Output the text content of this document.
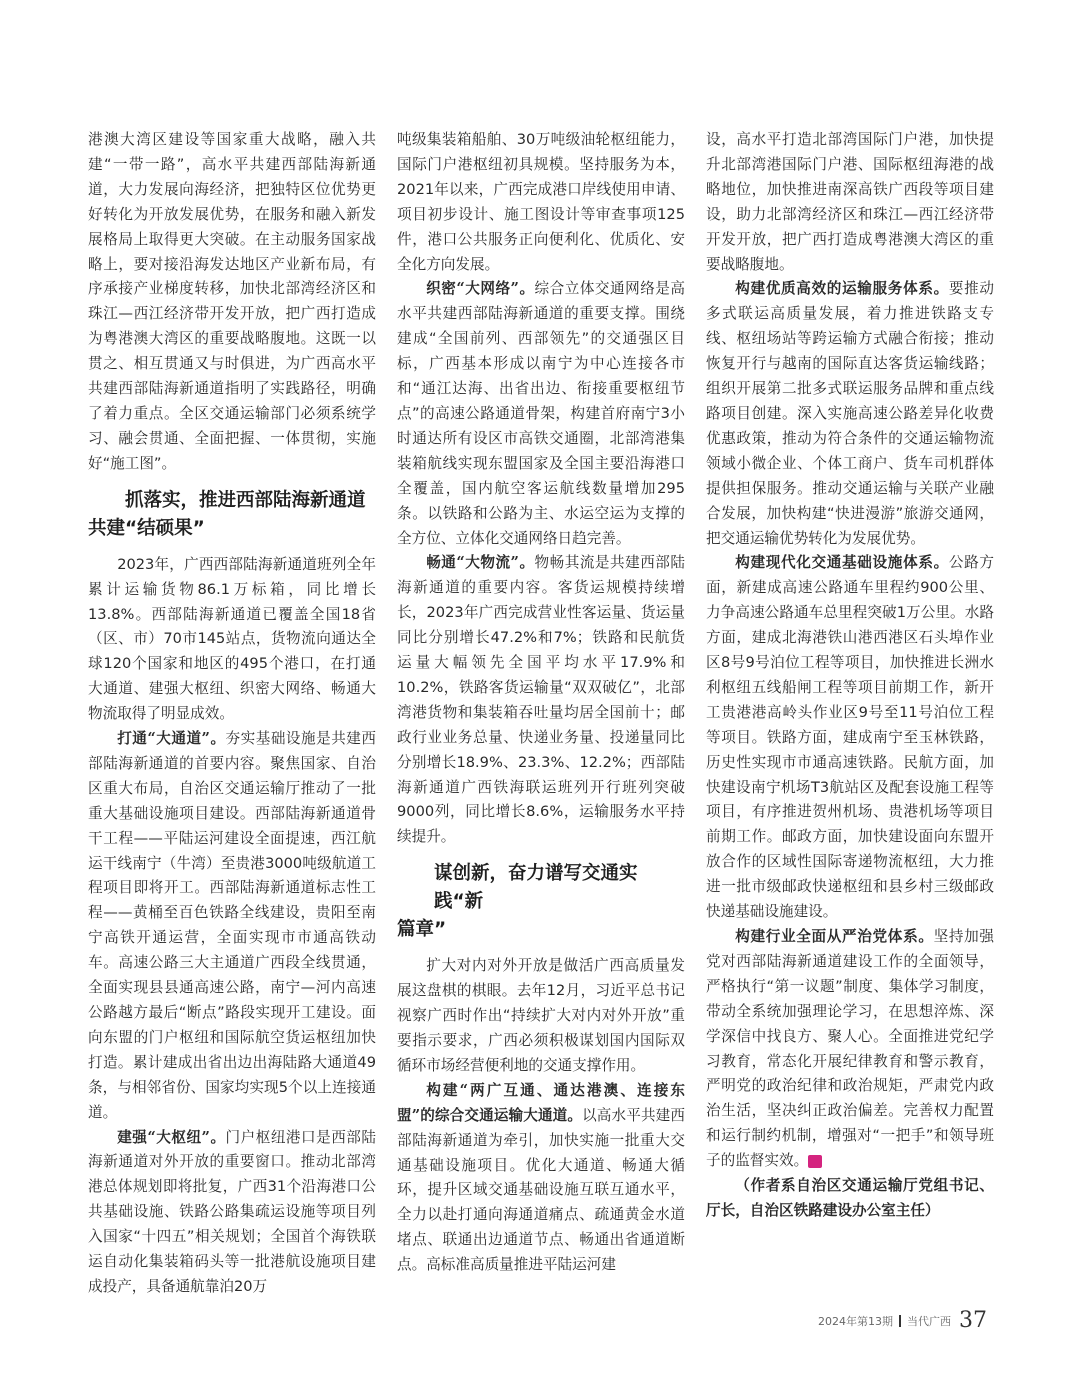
港澳大湾区建设等国家重大战略，融入共建“一带一路”，高水平共建西部陆海新通道，大力发展向海经济，把独特区位优势更好转化为开放发展优势，在服务和融入新发展格局上取得更大突破。在主动服务国家战略上，要对接沿海发达地区产业新布局，有序承接产业梯度转移，加快北部湾经济区和珠江—西江经济带开发开放，把广西打造成为粤港澳大湾区的重要战略腹地。这既一以贯之、相互贯通又与时俱进，为广西高水平共建西部陆海新通道指明了实践路径，明确了着力重点。全区交通运输部门必须系统学习、融会贯通、全面把握、一体贯彻，实施好“施工图”。

抓落实，推进西部陆海新通道
共建“结硕果”

2023年，广西西部陆海新通道班列全年累计运输货物86.1万标箱，同比增长13.8%。西部陆海新通道已覆盖全国18省（区、市）70市145站点，货物流向通达全球120个国家和地区的495个港口，在打通大通道、建强大枢纽、织密大网络、畅通大物流取得了明显成效。

打通“大通道”。夯实基础设施是共建西部陆海新通道的首要内容。聚焦国家、自治区重大布局，自治区交通运输厅推动了一批重大基础设施项目建设。西部陆海新通道骨干工程——平陆运河建设全面提速，西江航运干线南宁（牛湾）至贵港3000吨级航道工程项目即将开工。西部陆海新通道标志性工程——黄桶至百色铁路全线建设，贵阳至南宁高铁开通运营，全面实现市市通高铁动车。高速公路三大主通道广西段全线贯通，全面实现县县通高速公路，南宁—河内高速公路越方最后“断点”路段实现开工建设。面向东盟的门户枢纽和国际航空货运枢纽加快打造。累计建成出省出边出海陆路大通道49条，与相邻省份、国家均实现5个以上连接通道。

建强“大枢纽”。门户枢纽港口是西部陆海新通道对外开放的重要窗口。推动北部湾港总体规划即将批复，广西31个沿海港口公共基础设施、铁路公路集疏运设施等项目列入国家“十四五”相关规划；全国首个海铁联运自动化集装箱码头等一批港航设施项目建成投产，具备通航靠泊20万

吨级集装箱船舶、30万吨级油轮枢纽能力，国际门户港枢纽初具规模。坚持服务为本，2021年以来，广西完成港口岸线使用申请、项目初步设计、施工图设计等审查事项125件，港口公共服务正向便利化、优质化、安全化方向发展。

织密“大网络”。综合立体交通网络是高水平共建西部陆海新通道的重要支撑。围绕建成“全国前列、西部领先”的交通强区目标，广西基本形成以南宁为中心连接各市和“通江达海、出省出边、衔接重要枢纽节点”的高速公路通道骨架，构建首府南宁3小时通达所有设区市高铁交通圈，北部湾港集装箱航线实现东盟国家及全国主要沿海港口全覆盖，国内航空客运航线数量增加295条。以铁路和公路为主、水运空运为支撑的全方位、立体化交通网络日趋完善。

畅通“大物流”。物畅其流是共建西部陆海新通道的重要内容。客货运规模持续增长，2023年广西完成营业性客运量、货运量同比分别增长47.2%和7%；铁路和民航货运量大幅领先全国平均水平17.9%和10.2%，铁路客货运输量“双双破亿”，北部湾港货物和集装箱吞吐量均居全国前十；邮政行业业务总量、快递业务量、投递量同比分别增长18.9%、23.3%、12.2%；西部陆海新通道广西铁海联运班列开行班列突破9000列，同比增长8.6%，运输服务水平持续提升。

谋创新，奋力谱写交通实践“新
篇章”

扩大对内对外开放是做活广西高质量发展这盘棋的棋眼。去年12月，习近平总书记视察广西时作出“持续扩大对内对外开放”重要指示要求，广西必须积极谋划国内国际双循环市场经营便利地的交通支撑作用。

构建“两广互通、通达港澳、连接东盟”的综合交通运输大通道。以高水平共建西部陆海新通道为牵引，加快实施一批重大交通基础设施项目。优化大通道、畅通大循环，提升区域交通基础设施互联互通水平，全力以赴打通向海通道痛点、疏通黄金水道堵点、联通出边通道节点、畅通出省通道断点。高标准高质量推进平陆运河建

设，高水平打造北部湾国际门户港，加快提升北部湾港国际门户港、国际枢纽海港的战略地位，加快推进南深高铁广西段等项目建设，助力北部湾经济区和珠江—西江经济带开发开放，把广西打造成粤港澳大湾区的重要战略腹地。

构建优质高效的运输服务体系。要推动多式联运高质量发展，着力推进铁路支专线、枢纽场站等跨运输方式融合衔接；推动恢复开行与越南的国际直达客货运输线路；组织开展第二批多式联运服务品牌和重点线路项目创建。深入实施高速公路差异化收费优惠政策，推动为符合条件的交通运输物流领域小微企业、个体工商户、货车司机群体提供担保服务。推动交通运输与关联产业融合发展，加快构建“快进漫游”旅游交通网，把交通运输优势转化为发展优势。

构建现代化交通基础设施体系。公路方面，新建成高速公路通车里程约900公里、力争高速公路通车总里程突破1万公里。水路方面，建成北海港铁山港西港区石头埠作业区8号9号泊位工程等项目，加快推进长洲水利枢纽五线船闸工程等项目前期工作，新开工贵港港高岭头作业区9号至11号泊位工程等项目。铁路方面，建成南宁至玉林铁路，历史性实现市市通高速铁路。民航方面，加快建设南宁机场T3航站区及配套设施工程等项目，有序推进贺州机场、贵港机场等项目前期工作。邮政方面，加快建设面向东盟开放合作的区域性国际寄递物流枢纽，大力推进一批市级邮政快递枢纽和县乡村三级邮政快递基础设施建设。

构建行业全面从严治党体系。坚持加强党对西部陆海新通道建设工作的全面领导，严格执行“第一议题”制度、集体学习制度，带动全系统加强理论学习，在思想淬炼、深学深信中找良方、聚人心。全面推进党纪学习教育，常态化开展纪律教育和警示教育，严明党的政治纪律和政治规矩，严肃党内政治生活，坚决纠正政治偏差。完善权力配置和运行制约机制，增强对“一把手”和领导班子的监督实效。	▶

（作者系自治区交通运输厅党组书记、厅长，自治区铁路建设办公室主任）

2024年第13期 当代广西 37
